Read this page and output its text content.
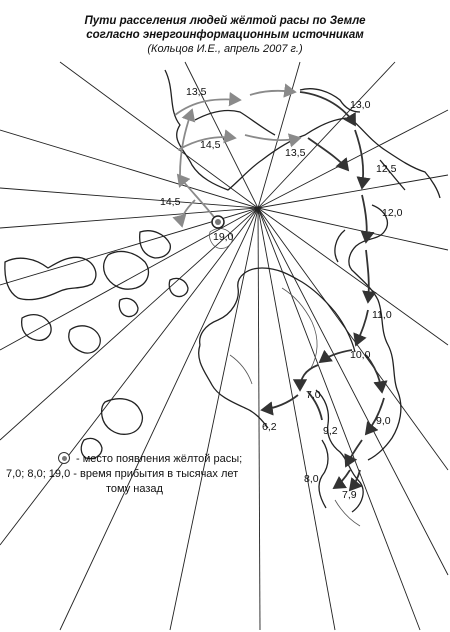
Пути расселения людей жёлтой расы по Земле
согласно энергоинформационным источникам
(Кольцов И.Е., апрель 2007 г.)
13,5
13,0
14,5
13,5
12,5
14,5
12,0
19,0
11,0
10,0
7,0
6,2	9,0
9,2
8,0
7,9
- место появления жёлтой расы;
7,0; 8,0; 19,0 - время прибытия в тысячах лет
тому назад
